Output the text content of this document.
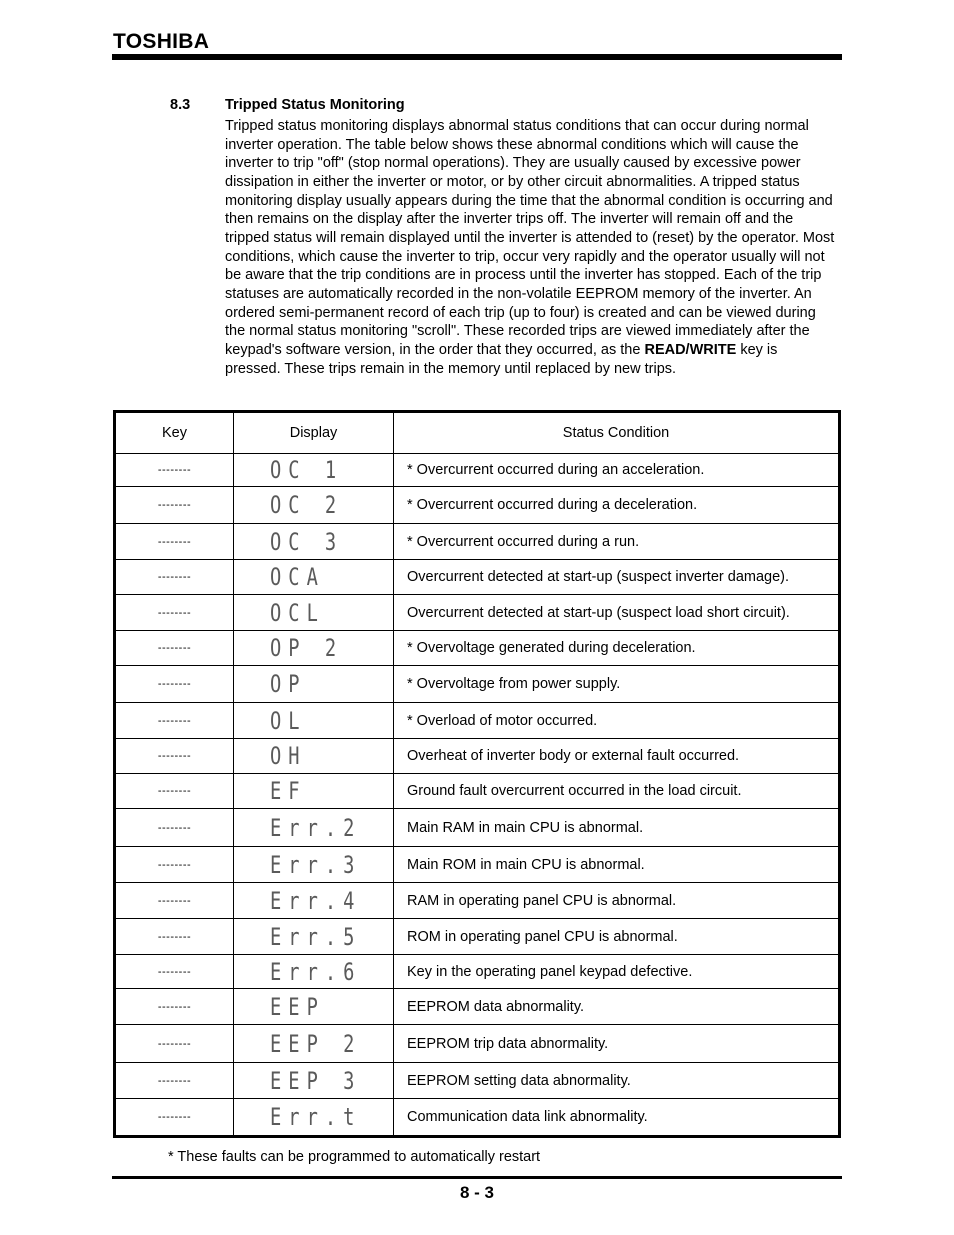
TOSHIBA
8.3 Tripped Status Monitoring
Tripped status monitoring displays abnormal status conditions that can occur during normal inverter operation. The table below shows these abnormal conditions which will cause the inverter to trip "off" (stop normal operations). They are usually caused by excessive power dissipation in either the inverter or motor, or by other circuit abnormalities. A tripped status monitoring display usually appears during the time that the abnormal condition is occurring and then remains on the display after the inverter trips off. The inverter will remain off and the tripped status will remain displayed until the inverter is attended to (reset) by the operator. Most conditions, which cause the inverter to trip, occur very rapidly and the operator usually will not be aware that the trip conditions are in process until the inverter has stopped. Each of the trip statuses are automatically recorded in the non-volatile EEPROM memory of the inverter. An ordered semi-permanent record of each trip (up to four) is created and can be viewed during the normal status monitoring "scroll". These recorded trips are viewed immediately after the keypad's software version, in the order that they occurred, as the READ/WRITE key is pressed. These trips remain in the memory until replaced by new trips.
Key	Display	Status Condition
--------	OC 1	* Overcurrent occurred during an acceleration.
--------	OC 2	* Overcurrent occurred during a deceleration.
--------	OC 3	* Overcurrent occurred during a run.
--------	OCA	Overcurrent detected at start-up (suspect inverter damage).
--------	OCL	Overcurrent detected at start-up (suspect load short circuit).
--------	OP 2	* Overvoltage generated during deceleration.
--------	OP	* Overvoltage from power supply.
--------	OL	* Overload of motor occurred.
--------	OH	Overheat of inverter body or external fault occurred.
--------	EF	Ground fault overcurrent occurred in the load circuit.
--------	Err.2	Main RAM in main CPU is abnormal.
--------	Err.3	Main ROM in main CPU is abnormal.
--------	Err.4	RAM in operating panel CPU is abnormal.
--------	Err.5	ROM in operating panel CPU is abnormal.
--------	Err.6	Key in the operating panel keypad defective.
--------	EEP	EEPROM data abnormality.
--------	EEP 2	EEPROM trip data abnormality.
--------	EEP 3	EEPROM setting data abnormality.
--------	Err.t	Communication data link abnormality.
* These faults can be programmed to automatically restart
8 - 3
